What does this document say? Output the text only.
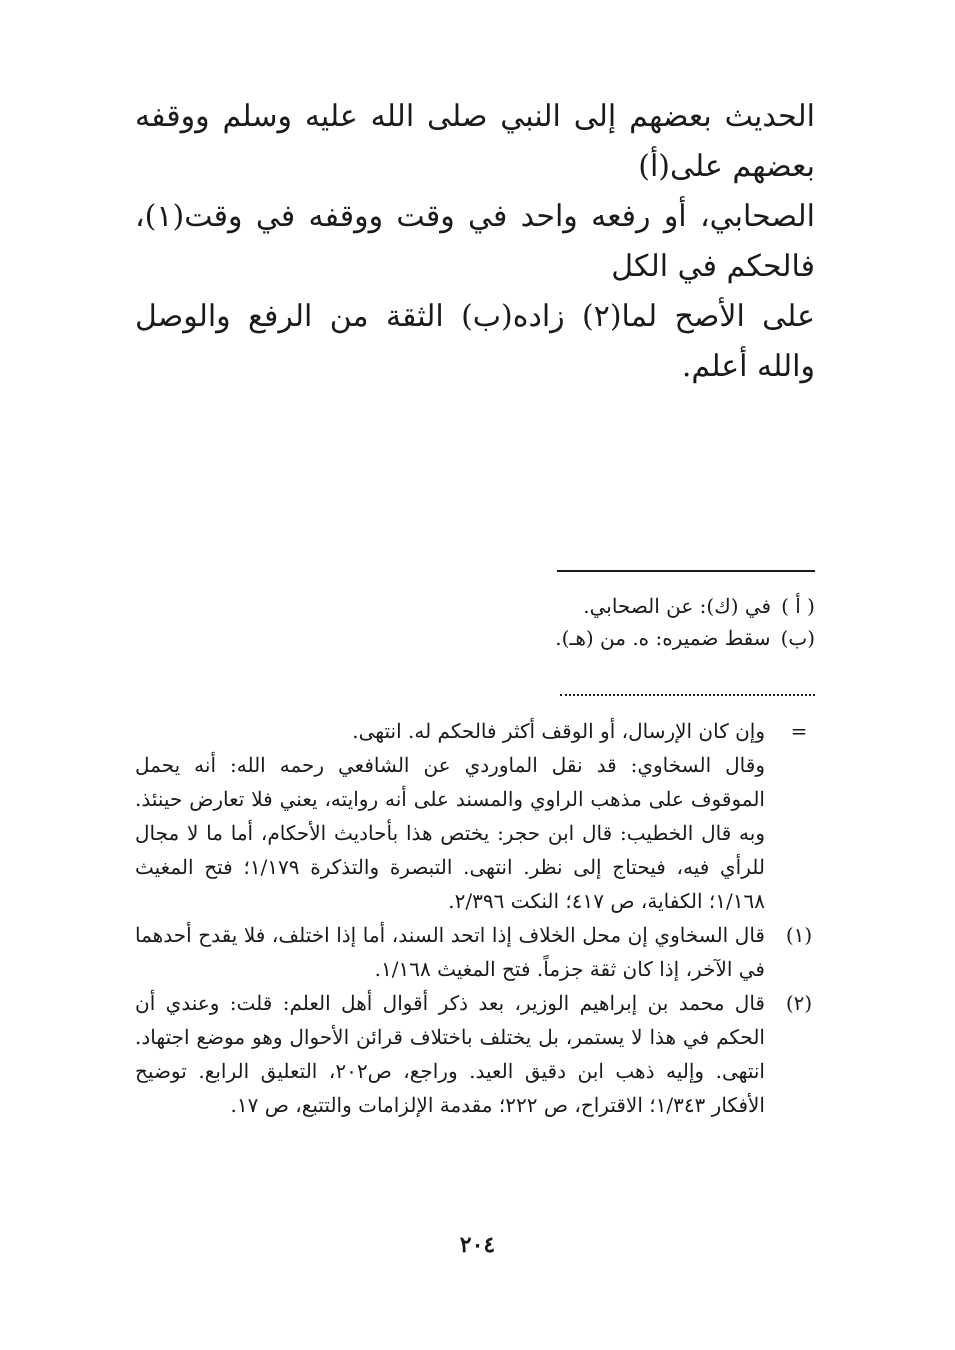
الحديث بعضهم إلى النبي صلى الله عليه وسلم ووقفه بعضهم على(أ)

الصحابي، أو رفعه واحد في وقت ووقفه في وقت(١)، فالحكم في الكل

على الأصح لما(٢) زاده(ب) الثقة من الرفع والوصل والله أعلم.

( أ )
في (ك): عن الصحابي.
(ب)
سقط ضميره: ه. من (هـ).
=

وإن كان الإرسال، أو الوقف أكثر فالحكم له. انتهى.

وقال السخاوي: قد نقل الماوردي عن الشافعي رحمه الله: أنه يحمل الموقوف على مذهب الراوي والمسند على أنه روايته، يعني فلا تعارض حينئذ. وبه قال الخطيب: قال ابن حجر: يختص هذا بأحاديث الأحكام، أما ما لا مجال للرأي فيه، فيحتاج إلى نظر. انتهى. التبصرة والتذكرة ١/١٧٩؛ فتح المغيث ١/١٦٨؛ الكفاية، ص ٤١٧؛ النكت ٢/٣٩٦.

(١)

قال السخاوي إن محل الخلاف إذا اتحد السند، أما إذا اختلف، فلا يقدح أحدهما في الآخر، إذا كان ثقة جزماً. فتح المغيث ١/١٦٨.

(٢)

قال محمد بن إبراهيم الوزير، بعد ذكر أقوال أهل العلم: قلت: وعندي أن الحكم في هذا لا يستمر، بل يختلف باختلاف قرائن الأحوال وهو موضع اجتهاد. انتهى. وإليه ذهب ابن دقيق العيد. وراجع، ص٢٠٢، التعليق الرابع. توضيح الأفكار ١/٣٤٣؛ الاقتراح، ص ٢٢٢؛ مقدمة الإلزامات والتتبع، ص ١٧.

٢٠٤
